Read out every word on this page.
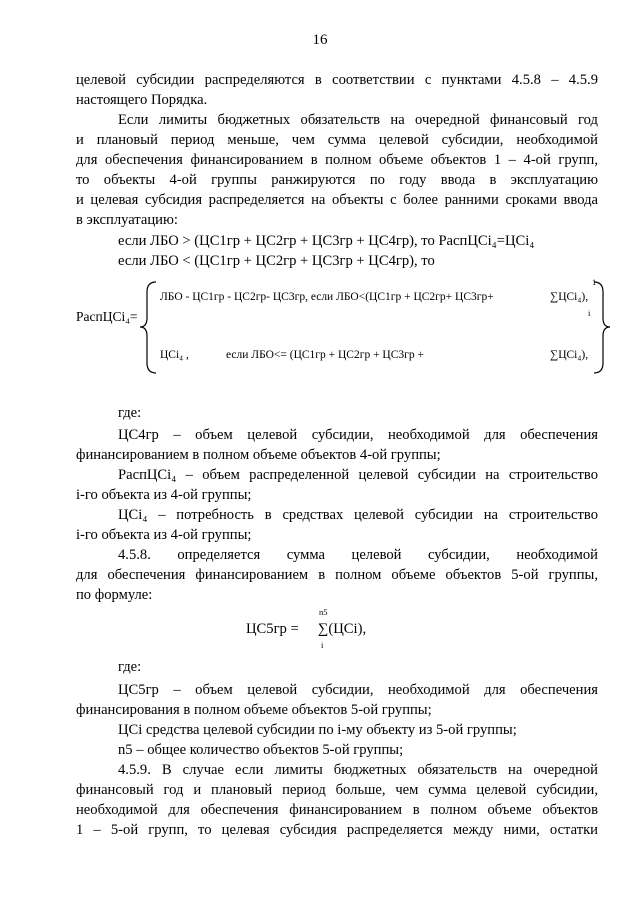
16
целевой субсидии распределяются в соответствии с пунктами 4.5.8 – 4.5.9
настоящего Порядка.
Если лимиты бюджетных обязательств на очередной финансовый год
и плановый период меньше, чем сумма целевой субсидии, необходимой
для обеспечения финансированием в полном объеме объектов 1 – 4-ой групп,
то объекты 4-ой группы ранжируются по году ввода в эксплуатацию
и целевая субсидия распределяется на объекты с более ранними сроками ввода
в эксплуатацию:
если ЛБО > (ЦС1гр + ЦС2гр + ЦС3гр + ЦС4гр), то РаспЦСi₄=ЦСi₄
если ЛБО < (ЦС1гр + ЦС2гр + ЦС3гр + ЦС4гр), то
РаспЦСi₄=
ЛБО - ЦС1гр - ЦС2гр- ЦС3гр, если ЛБО<(ЦС1гр + ЦС2гр+ ЦС3гр+	∑ЦСi₄),
1
i
ЦСi₄ ,	если ЛБО<= (ЦС1гр + ЦС2гр + ЦС3гр +	∑ЦСi₄),
где:
ЦС4гр – объем целевой субсидии, необходимой для обеспечения
финансированием в полном объеме объектов 4-ой группы;
РаспЦСi₄ – объем распределенной целевой субсидии на строительство
i-го объекта из 4-ой группы;
ЦСi₄ – потребность в средствах целевой субсидии на строительство
i-го объекта из 4-ой группы;
4.5.8. определяется сумма целевой субсидии, необходимой
для обеспечения финансированием в полном объеме объектов 5-ой группы,
по формуле:
ЦС5гр = ∑(ЦСi),
n5
i
где:
ЦС5гр – объем целевой субсидии, необходимой для обеспечения
финансирования в полном объеме объектов 5-ой группы;
ЦСi средства целевой субсидии по i-му объекту из 5-ой группы;
n5 – общее количество объектов 5-ой группы;
4.5.9. В случае если лимиты бюджетных обязательств на очередной
финансовый год и плановый период больше, чем сумма целевой субсидии,
необходимой для обеспечения финансированием в полном объеме объектов
1 – 5-ой групп, то целевая субсидия распределяется между ними, остатки
